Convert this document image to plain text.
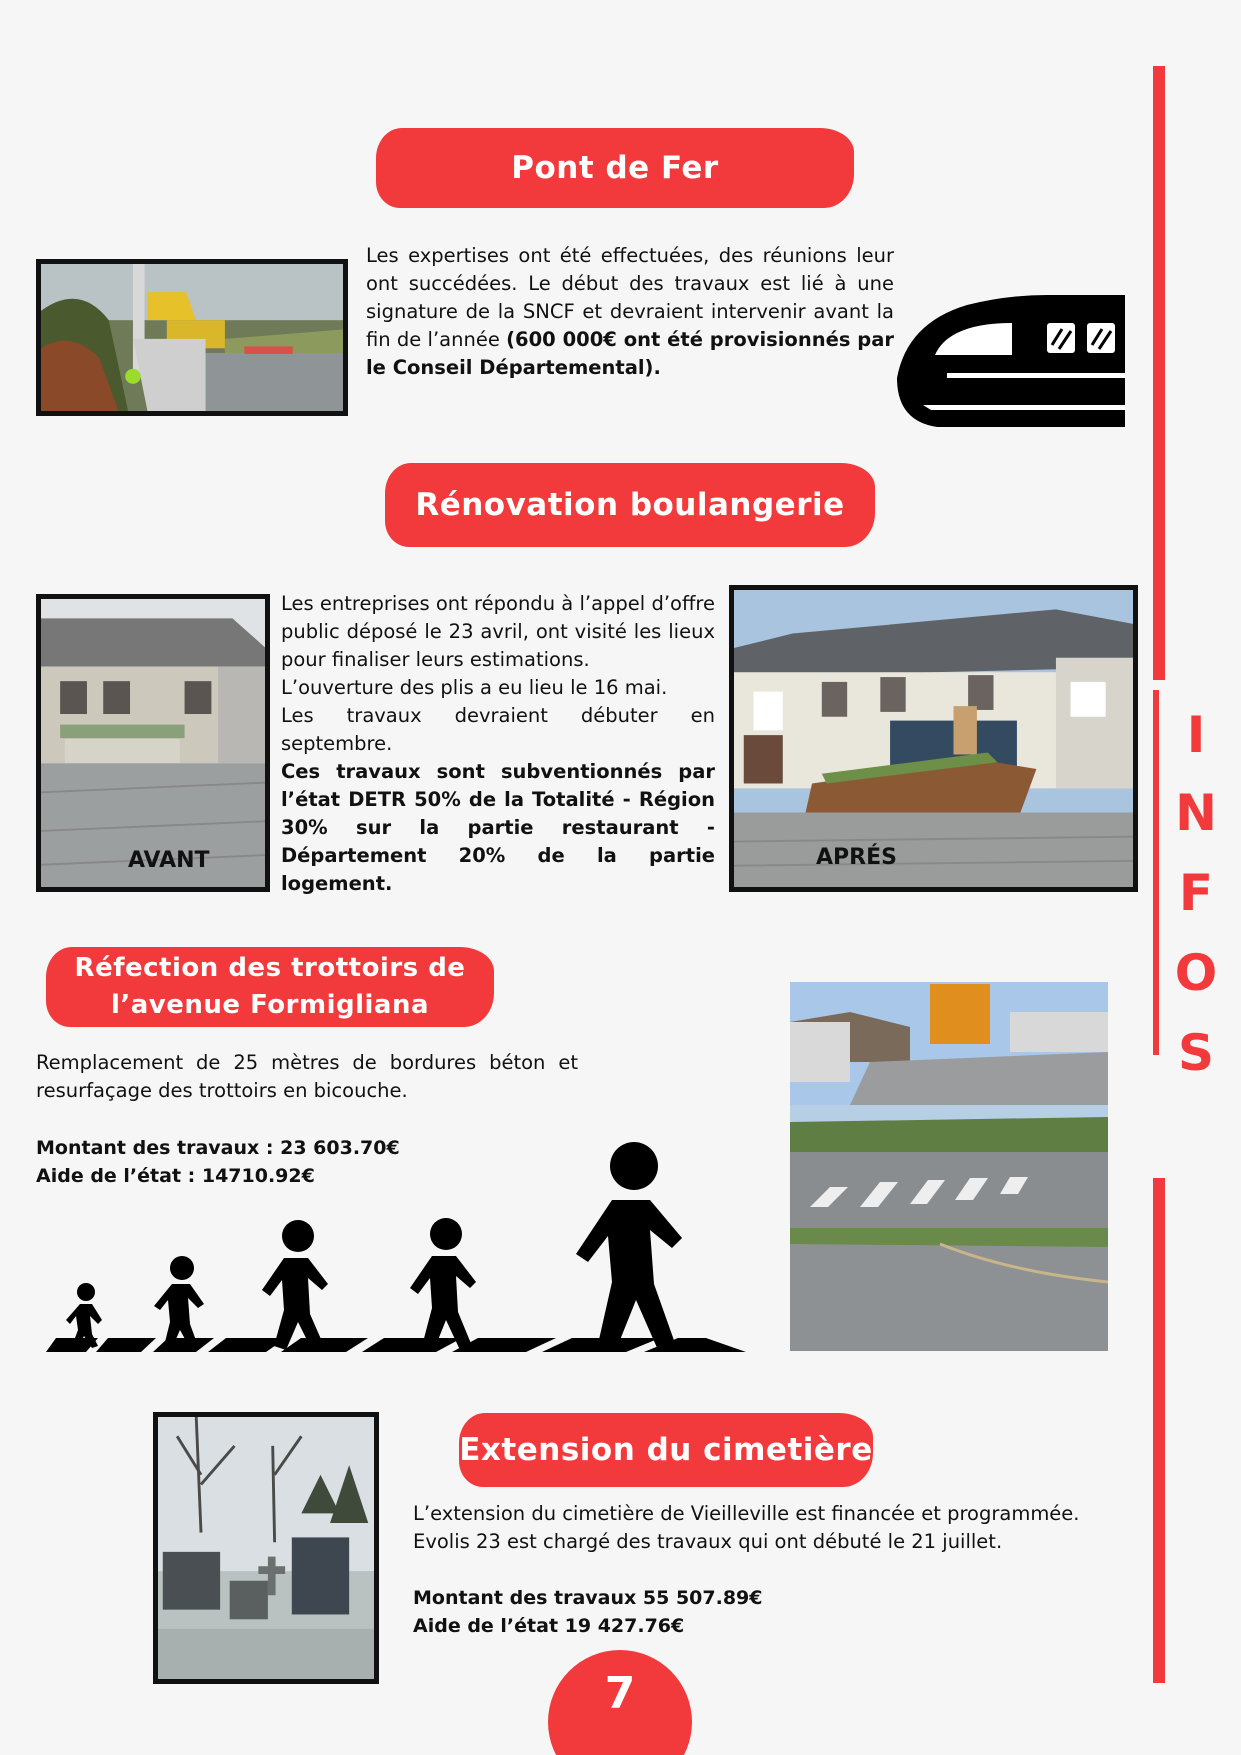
I
N
F
O
S
Pont de Fer
Les expertises ont été effectuées, des réunions leur ont succédées. Le début des travaux est lié à une signature de la SNCF et devraient intervenir avant la fin de l’année (600 000€ ont été provisionnés par le Conseil Départemental).
Rénovation boulangerie
AVANT
Les entreprises ont répondu à l’appel d’offre public déposé le 23 avril, ont visité les lieux pour finaliser leurs estimations.
L’ouverture des plis a eu lieu le 16 mai.
Les travaux devraient débuter en septembre.
Ces travaux sont subventionnés par l’état DETR 50% de la Totalité - Région 30% sur la partie restaurant - Département 20% de la partie logement.
APRÉS
Réfection des trottoirs de
l’avenue Formigliana
Remplacement de 25 mètres de bordures béton et resurfaçage des trottoirs en bicouche.
Montant des travaux : 23 603.70€
Aide de l’état : 14710.92€
Extension du cimetière
L’extension du cimetière de Vieilleville est financée et programmée.
Evolis 23 est chargé des travaux qui ont débuté le 21 juillet.
Montant des travaux 55 507.89€
Aide de l’état 19 427.76€
7
